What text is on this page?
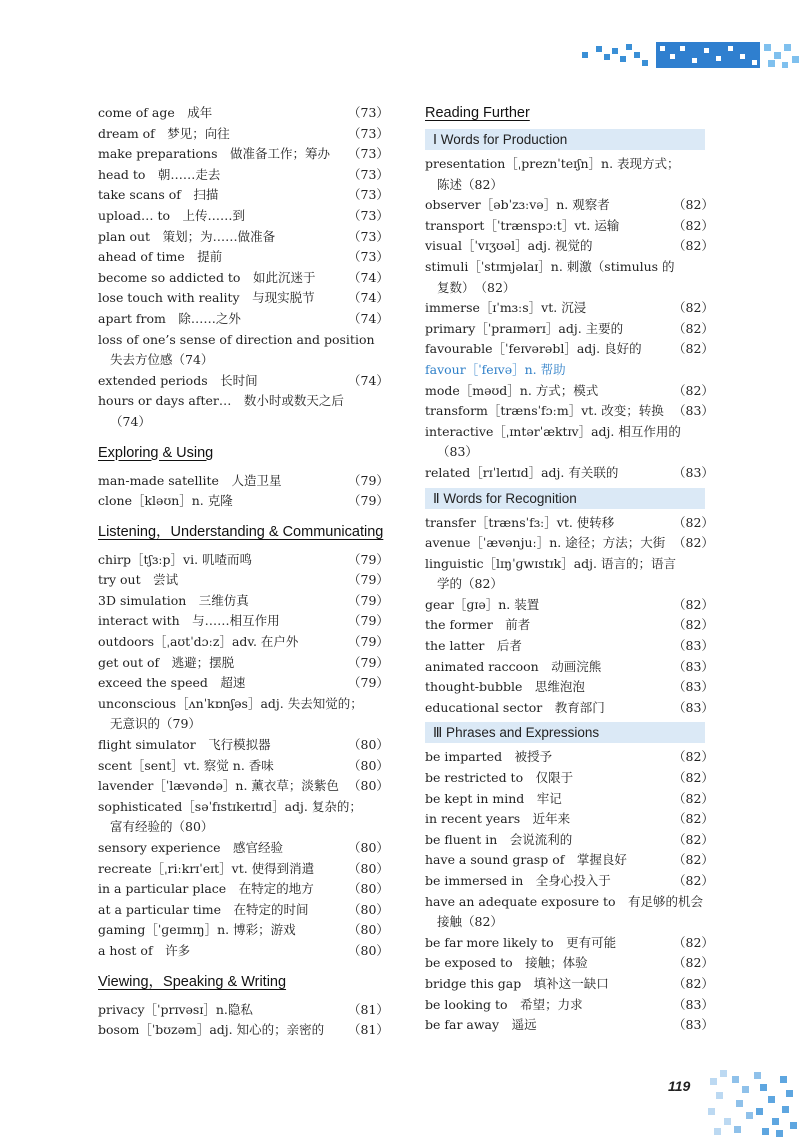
come of age　成年	（73）
dream of　梦见；向往	（73）
make preparations　做准备工作；筹办	（73）
head to　朝……走去	（73）
take scans of　扫描	（73）
upload… to　上传……到	（73）
plan out　策划；为……做准备	（73）
ahead of time　提前	（73）
become so addicted to　如此沉迷于	（74）
lose touch with reality　与现实脱节	（74）
apart from　除……之外	（74）
loss of one’s sense of direction and position
失去方位感 （74）
extended periods　长时间	（74）
hours or days after…　数小时或数天之后
（74）
Exploring & Using
man-made satellite　人造卫星	（79）
clone［kləʊn］n. 克隆	（79）
Listening，Understanding & Communicating
chirp［tʃɜːp］vi. 叽喳而鸣	（79）
try out　尝试	（79）
3D simulation　三维仿真	（79）
interact with　与……相互作用	（79）
outdoors［ˌaʊtˈdɔːz］adv. 在户外	（79）
get out of　逃避；摆脱	（79）
exceed the speed　超速	（79）
unconscious［ʌnˈkɒnʃəs］adj. 失去知觉的；
无意识的 （79）
flight simulator　飞行模拟器	（80）
scent［sent］vt. 察觉 n. 香味	（80）
lavender［ˈlævəndə］n. 薰衣草；淡紫色 （80）
sophisticated［səˈfɪstɪkeɪtɪd］adj. 复杂的；
富有经验的 （80）
sensory experience　感官经验	（80）
recreate［ˌriːkrɪˈeɪt］vt. 使得到消遣	（80）
in a particular place　在特定的地方	（80）
at a particular time　在特定的时间	（80）
gaming［ˈɡeɪmɪŋ］n. 博彩；游戏	（80）
a host of　许多	（80）
Viewing，Speaking & Writing
privacy［ˈprɪvəsɪ］n.隐私	（81）
bosom［ˈbʊzəm］adj. 知心的；亲密的	（81）
Reading Further
Ⅰ Words for Production
presentation［ˌpreznˈteɪʃn］n. 表现方式；
陈述 （82）
observer［əbˈzɜːvə］n. 观察者	（82）
transport［ˈtrænspɔːt］vt. 运输	（82）
visual［ˈvɪʒʊəl］adj. 视觉的	（82）
stimuli［ˈstɪmjəlaɪ］n. 刺激（stimulus 的
复数） （82）
immerse［ɪˈmɜːs］vt. 沉浸	（82）
primary［ˈpraɪmərɪ］adj. 主要的	（82）
favourable［ˈfeɪvərəbl］adj. 良好的	（82）
favour［ˈfeɪvə］n. 帮助
mode［məʊd］n. 方式；模式	（82）
transform［trænsˈfɔːm］vt. 改变；转换 （83）
interactive［ˌɪntərˈæktɪv］adj. 相互作用的
（83）
related［rɪˈleɪtɪd］adj. 有关联的	（83）
Ⅱ Words for Recognition
transfer［trænsˈfɜː］vt. 使转移	（82）
avenue［ˈævənjuː］n. 途径；方法；大街 （82）
linguistic［lɪŋˈɡwɪstɪk］adj. 语言的；语言
学的 （82）
gear［ɡɪə］n. 装置	（82）
the former　前者	（82）
the latter　后者	（83）
animated raccoon　动画浣熊	（83）
thought-bubble　思维泡泡	（83）
educational sector　教育部门	（83）
Ⅲ Phrases and Expressions
be imparted　被授予	（82）
be restricted to　仅限于	（82）
be kept in mind　牢记	（82）
in recent years　近年来	（82）
be fluent in　会说流利的	（82）
have a sound grasp of　掌握良好	（82）
be immersed in　全身心投入于	（82）
have an adequate exposure to　有足够的机会
接触 （82）
be far more likely to　更有可能	（82）
be exposed to　接触；体验	（82）
bridge this gap　填补这一缺口	（82）
be looking to　希望；力求	（83）
be far away　遥远	（83）
119
